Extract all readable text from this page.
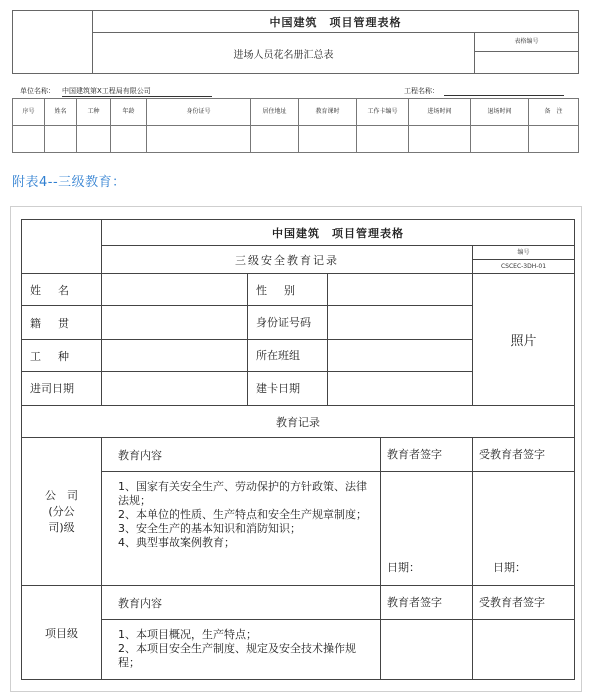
	中国建筑　项目管理表格	
	进场人员花名册汇总表	表格编号
单位名称： 中国建筑第Ⅹ工程局有限公司	工程名称：
序号	姓名	工种	年龄	身份证号	居住地址	教育课时	工作卡编号	进场时间	退场时间	备　注

附表4--三级教育：
	中国建筑　项目管理表格				
	三级安全教育记录				编号
CSCEC-3DH-01

姓　名		性　别			照片
籍　贯		身份证号码			
工　种		所在班组			
进司日期		建卡日期			
教育记录					
公　司
(分公
司)级	教育内容			教育者签字	受教育者签字

	1、国家有关安全生产、劳动保护的方针政策、法律法规；
2、本单位的性质、生产特点和安全生产规章制度；
3、安全生产的基本知识和消防知识；
4、典型事故案例教育；			日期：	日期：
项目级	教育内容			教育者签字	受教育者签字

	1、本项目概况，生产特点；
2、本项目安全生产制度、规定及安全技术操作规程；				
